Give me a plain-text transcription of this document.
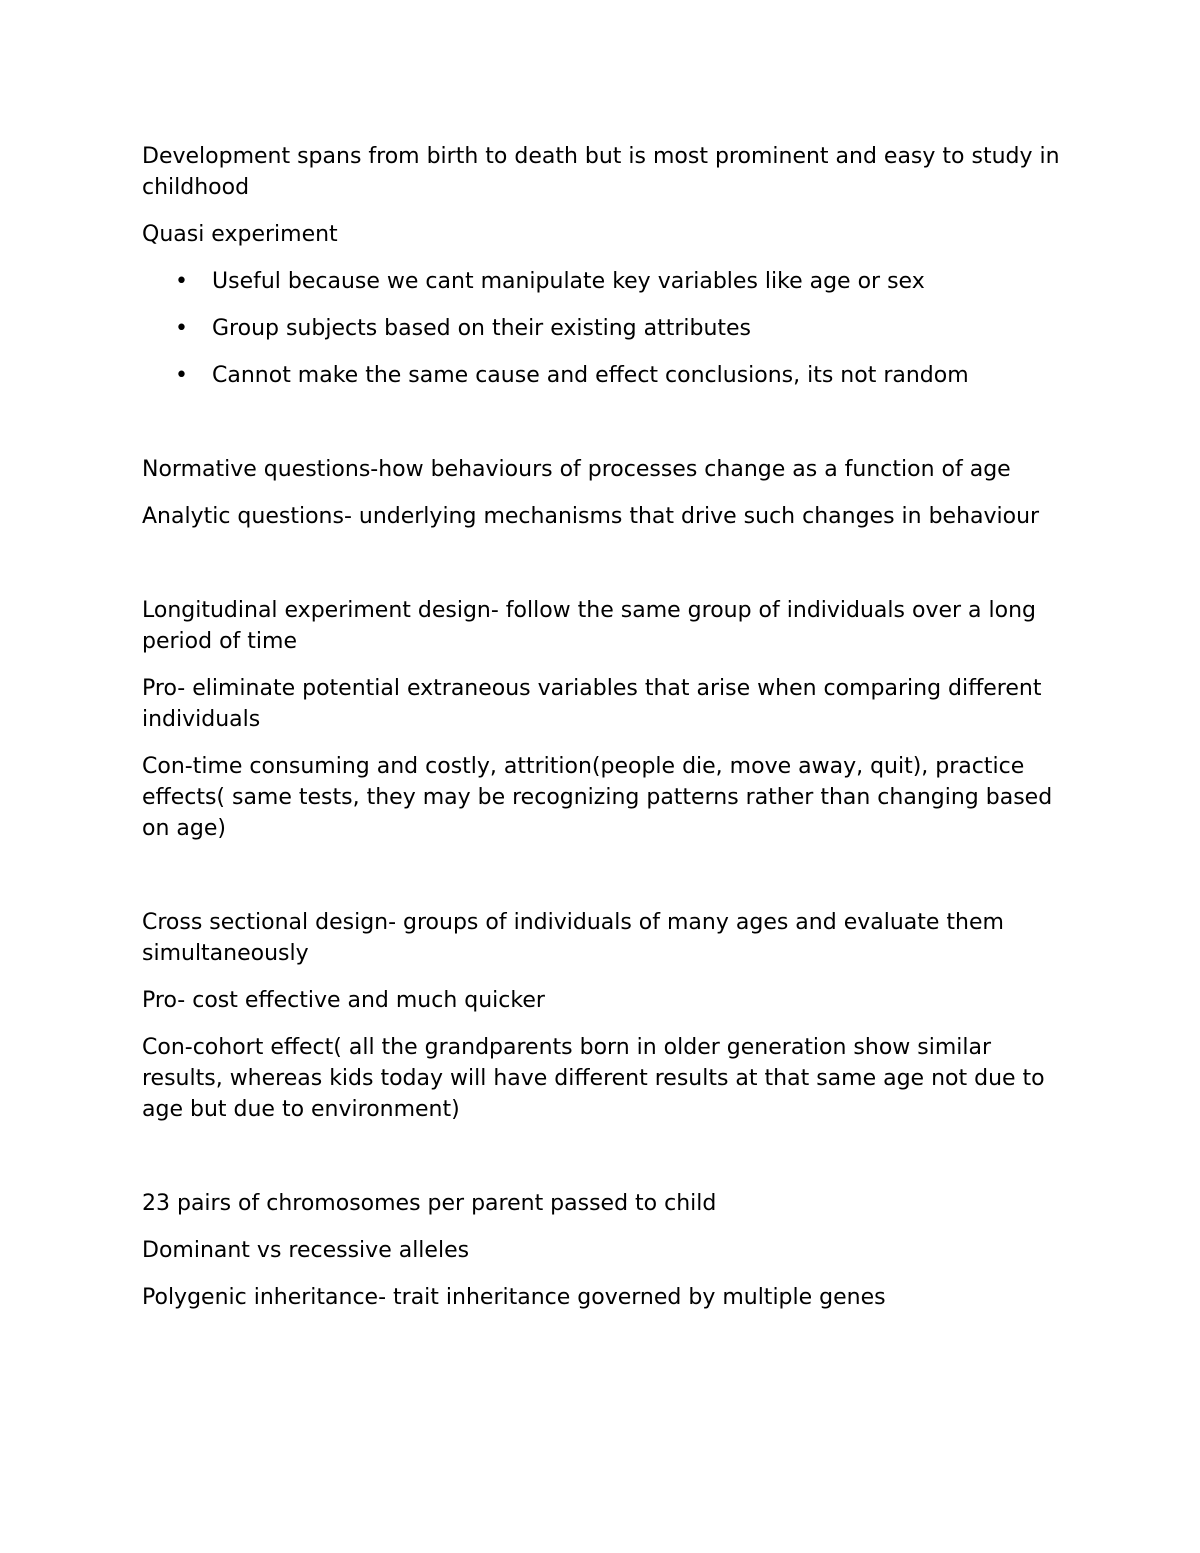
Development spans from birth to death but is most prominent and easy to study in childhood

Quasi experiment

• Useful because we cant manipulate key variables like age or sex
• Group subjects based on their existing attributes
• Cannot make the same cause and effect conclusions, its not random

Normative questions-how behaviours of processes change as a function of age

Analytic questions- underlying mechanisms that drive such changes in behaviour

Longitudinal experiment design- follow the same group of individuals over a long period of time

Pro- eliminate potential extraneous variables that arise when comparing different individuals

Con-time consuming and costly, attrition(people die, move away, quit), practice effects( same tests, they may be recognizing patterns rather than changing based on age)

Cross sectional design- groups of individuals of many ages and evaluate them simultaneously

Pro- cost effective and much quicker

Con-cohort effect( all the grandparents born in older generation show similar results, whereas kids today will have different results at that same age not due to age but due to environment)

23 pairs of chromosomes per parent passed to child

Dominant vs recessive alleles

Polygenic inheritance- trait inheritance governed by multiple genes
